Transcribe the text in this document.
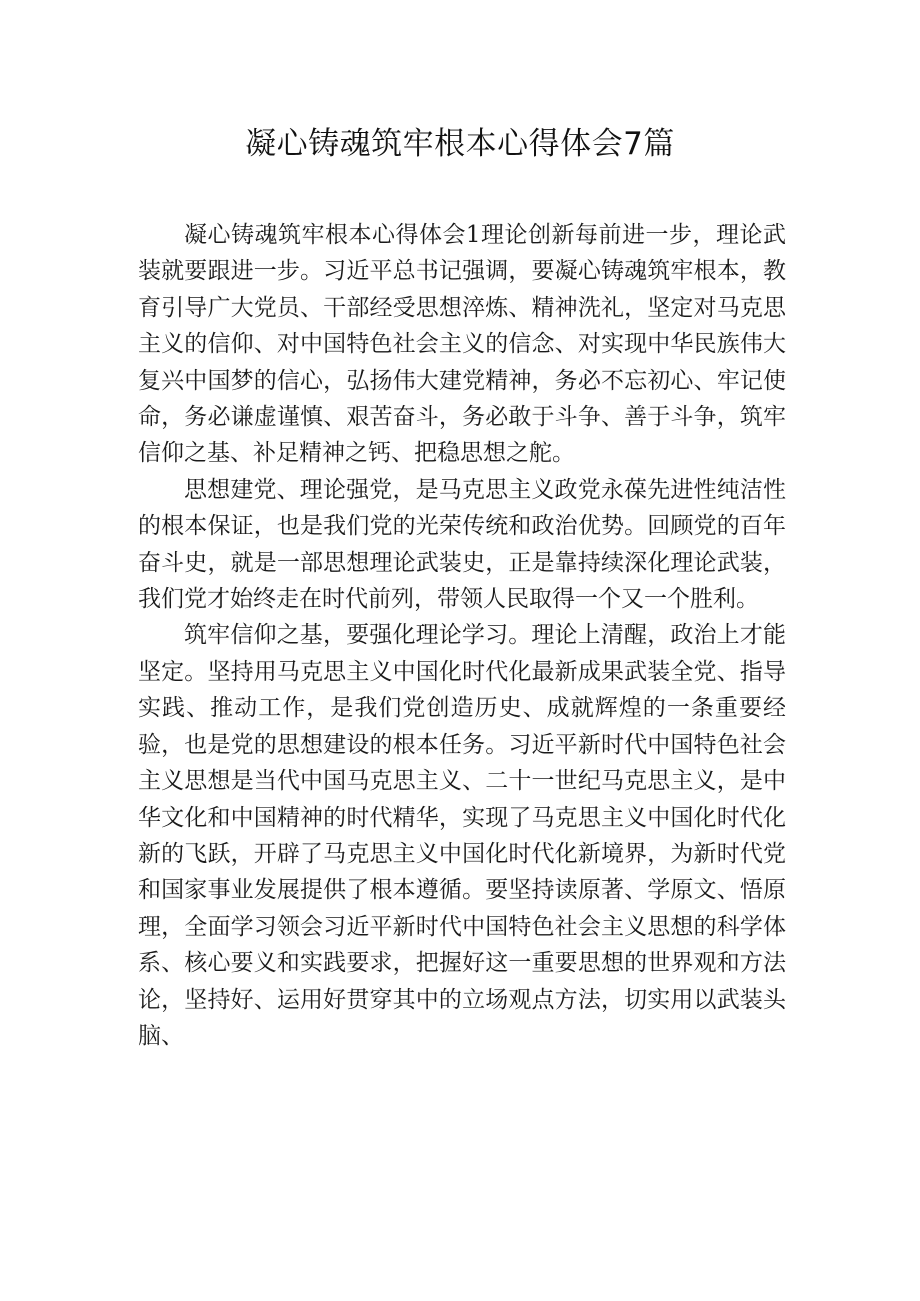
凝心铸魂筑牢根本心得体会7篇

凝心铸魂筑牢根本心得体会1理论创新每前进一步，理论武装就要跟进一步。习近平总书记强调，要凝心铸魂筑牢根本，教育引导广大党员、干部经受思想淬炼、精神洗礼，坚定对马克思主义的信仰、对中国特色社会主义的信念、对实现中华民族伟大复兴中国梦的信心，弘扬伟大建党精神，务必不忘初心、牢记使命，务必谦虚谨慎、艰苦奋斗，务必敢于斗争、善于斗争，筑牢信仰之基、补足精神之钙、把稳思想之舵。

思想建党、理论强党，是马克思主义政党永葆先进性纯洁性的根本保证，也是我们党的光荣传统和政治优势。回顾党的百年奋斗史，就是一部思想理论武装史，正是靠持续深化理论武装，我们党才始终走在时代前列，带领人民取得一个又一个胜利。

筑牢信仰之基，要强化理论学习。理论上清醒，政治上才能坚定。坚持用马克思主义中国化时代化最新成果武装全党、指导实践、推动工作，是我们党创造历史、成就辉煌的一条重要经验，也是党的思想建设的根本任务。习近平新时代中国特色社会主义思想是当代中国马克思主义、二十一世纪马克思主义，是中华文化和中国精神的时代精华，实现了马克思主义中国化时代化新的飞跃，开辟了马克思主义中国化时代化新境界，为新时代党和国家事业发展提供了根本遵循。要坚持读原著、学原文、悟原理，全面学习领会习近平新时代中国特色社会主义思想的科学体系、核心要义和实践要求，把握好这一重要思想的世界观和方法论，坚持好、运用好贯穿其中的立场观点方法，切实用以武装头脑、
